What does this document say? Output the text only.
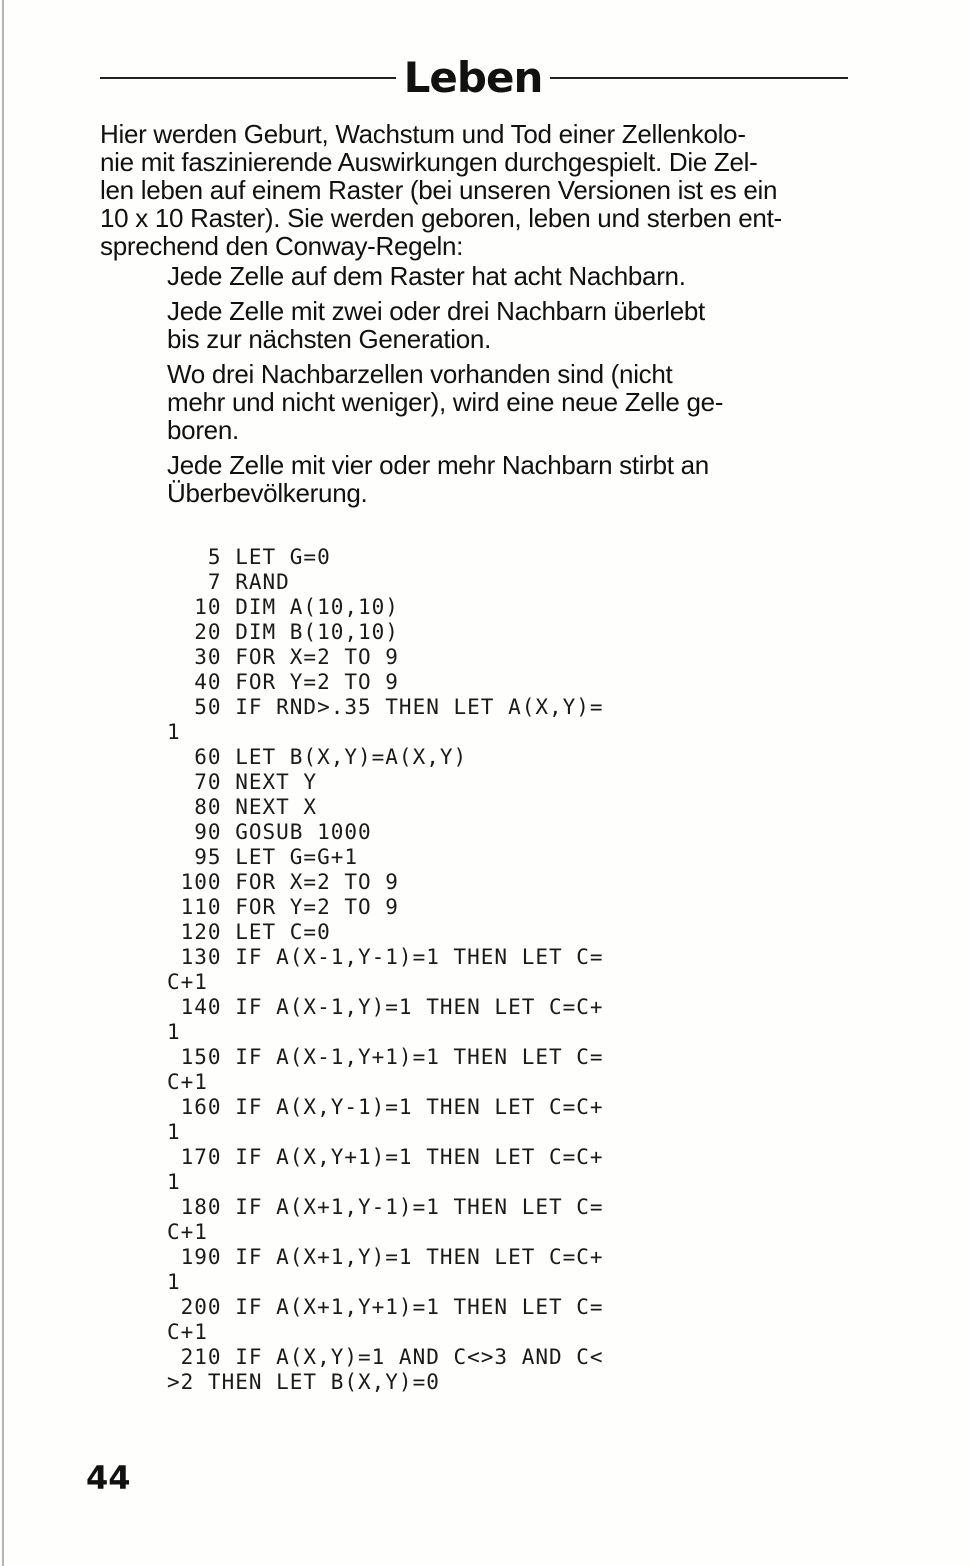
Leben

Hier werden Geburt, Wachstum und Tod einer Zellenkolo-
nie mit faszinierende Auswirkungen durchgespielt. Die Zel-
len leben auf einem Raster (bei unseren Versionen ist es ein
10 x 10 Raster). Sie werden geboren, leben und sterben ent-
sprechend den Conway-Regeln:

Jede Zelle auf dem Raster hat acht Nachbarn.
Jede Zelle mit zwei oder drei Nachbarn überlebt
bis zur nächsten Generation.
Wo drei Nachbarzellen vorhanden sind (nicht
mehr und nicht weniger), wird eine neue Zelle ge-
boren.
Jede Zelle mit vier oder mehr Nachbarn stirbt an
Überbevölkerung.
5 LET G=0
7 RAND
10 DIM A(10,10)
20 DIM B(10,10)
30 FOR X=2 TO 9
40 FOR Y=2 TO 9
50 IF RND>.35 THEN LET A(X,Y)=
1
60 LET B(X,Y)=A(X,Y)
70 NEXT Y
80 NEXT X
90 GOSUB 1000
95 LET G=G+1
100 FOR X=2 TO 9
110 FOR Y=2 TO 9
120 LET C=0
130 IF A(X-1,Y-1)=1 THEN LET C=
C+1
140 IF A(X-1,Y)=1 THEN LET C=C+
1
150 IF A(X-1,Y+1)=1 THEN LET C=
C+1
160 IF A(X,Y-1)=1 THEN LET C=C+
1
170 IF A(X,Y+1)=1 THEN LET C=C+
1
180 IF A(X+1,Y-1)=1 THEN LET C=
C+1
190 IF A(X+1,Y)=1 THEN LET C=C+
1
200 IF A(X+1,Y+1)=1 THEN LET C=
C+1
210 IF A(X,Y)=1 AND C<>3 AND C<
>2 THEN LET B(X,Y)=0
44
